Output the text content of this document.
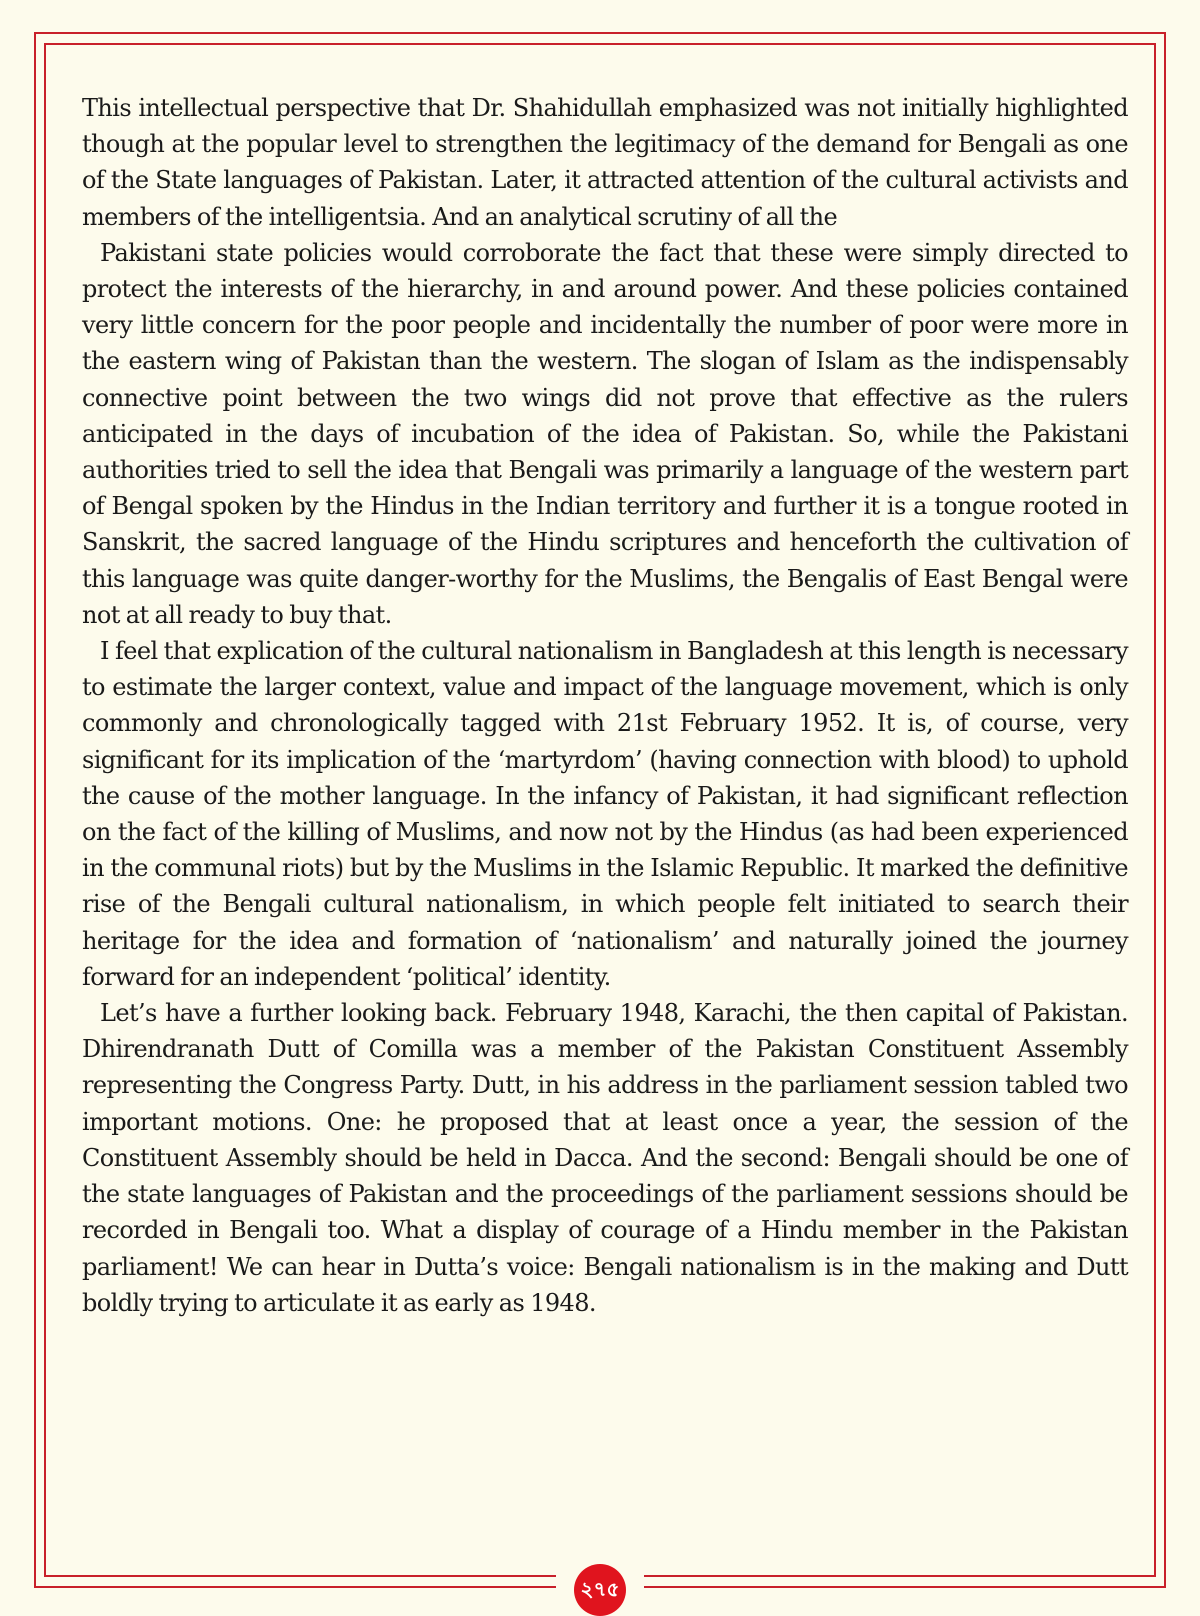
This intellectual perspective that Dr. Shahidullah emphasized was not initially highlighted though at the popular level to strengthen the legitimacy of the demand for Bengali as one of the State languages of Pakistan. Later, it attracted attention of the cultural activists and members of the intelligentsia. And an analytical scrutiny of all the

Pakistani state policies would corroborate the fact that these were simply directed to protect the interests of the hierarchy, in and around power. And these policies contained very little concern for the poor people and incidentally the number of poor were more in the eastern wing of Pakistan than the western. The slogan of Islam as the indispensably connective point between the two wings did not prove that effective as the rulers anticipated in the days of incubation of the idea of Pakistan. So, while the Pakistani authorities tried to sell the idea that Bengali was primarily a language of the western part of Bengal spoken by the Hindus in the Indian territory and further it is a tongue rooted in Sanskrit, the sacred language of the Hindu scriptures and henceforth the cultivation of this language was quite danger-worthy for the Muslims, the Bengalis of East Bengal were not at all ready to buy that.

I feel that explication of the cultural nationalism in Bangladesh at this length is necessary to estimate the larger context, value and impact of the language movement, which is only commonly and chronologically tagged with 21st February 1952. It is, of course, very significant for its implication of the ‘martyrdom’ (having connection with blood) to uphold the cause of the mother language. In the infancy of Pakistan, it had significant reflection on the fact of the killing of Muslims, and now not by the Hindus (as had been experienced in the communal riots) but by the Muslims in the Islamic Republic. It marked the definitive rise of the Bengali cultural nationalism, in which people felt initiated to search their heritage for the idea and formation of ‘nationalism’ and naturally joined the journey forward for an independent ‘political’ identity.

Let’s have a further looking back. February 1948, Karachi, the then capital of Pakistan. Dhirendranath Dutt of Comilla was a member of the Pakistan Constituent Assembly representing the Congress Party. Dutt, in his address in the parliament session tabled two important motions. One: he proposed that at least once a year, the session of the Constituent Assembly should be held in Dacca. And the second: Bengali should be one of the state languages of Pakistan and the proceedings of the parliament sessions should be recorded in Bengali too. What a display of courage of a Hindu member in the Pakistan parliament! We can hear in Dutta’s voice: Bengali nationalism is in the making and Dutt boldly trying to articulate it as early as 1948.

২৭৫
